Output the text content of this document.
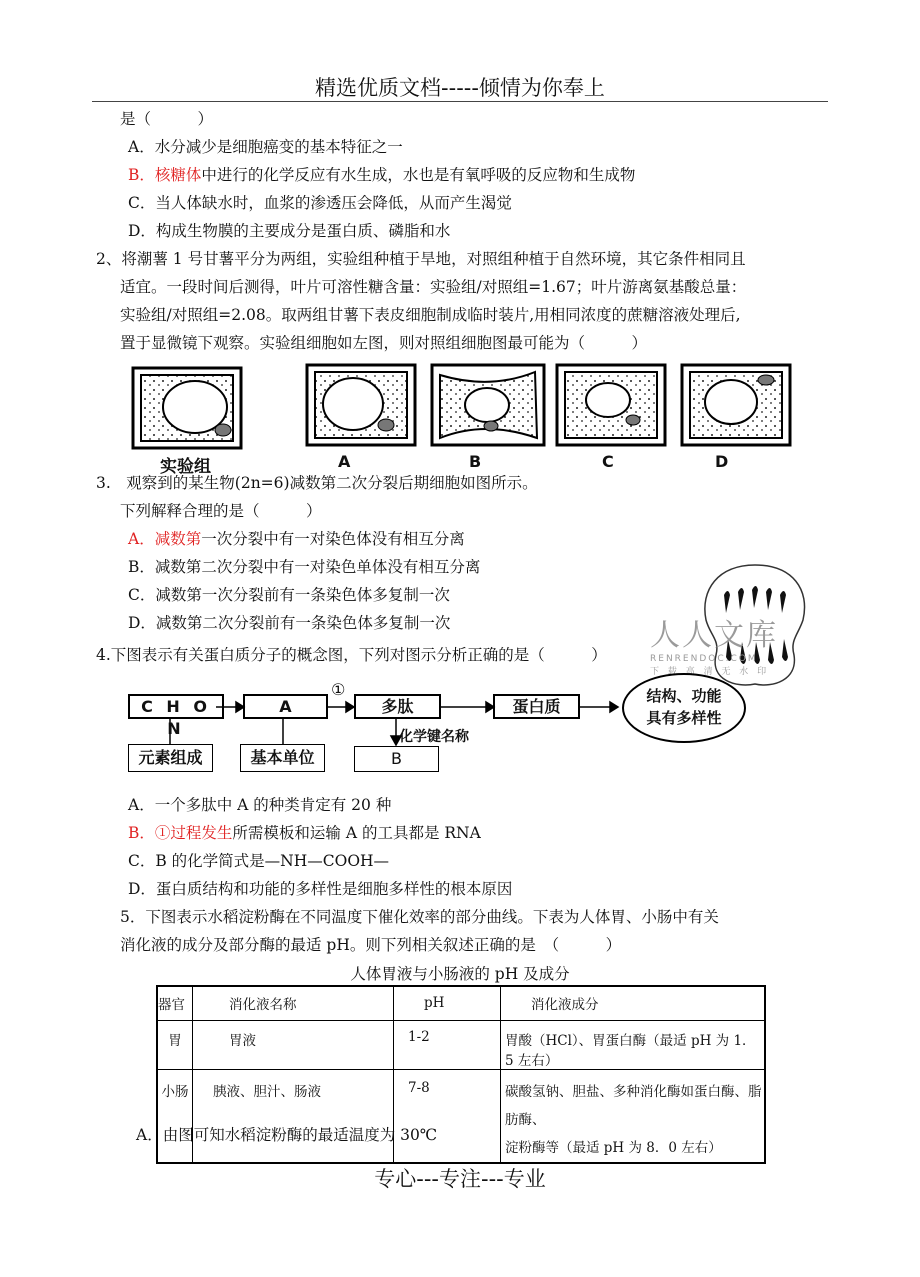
精选优质文档-----倾情为你奉上
是（　　　）
A．水分减少是细胞癌变的基本特征之一
B．核糖体中进行的化学反应有水生成，水也是有氧呼吸的反应物和生成物
C．当人体缺水时，血浆的渗透压会降低，从而产生渴觉
D．构成生物膜的主要成分是蛋白质、磷脂和水
2、将潮薯 1 号甘薯平分为两组，实验组种植于旱地，对照组种植于自然环境，其它条件相同且
适宜。一段时间后测得，叶片可溶性糖含量：实验组/对照组=1.67；叶片游离氨基酸总量：
实验组/对照组=2.08。取两组甘薯下表皮细胞制成临时装片,用相同浓度的蔗糖溶液处理后,
置于显微镜下观察。实验组细胞如左图，则对照组细胞图最可能为（　　　）
实验组	A	B	C	D
3.　观察到的某生物(2n=6)减数第二次分裂后期细胞如图所示。
下列解释合理的是（　　　）
A．减数第一次分裂中有一对染色体没有相互分离
B．减数第二次分裂中有一对染色单体没有相互分离
C．减数第一次分裂前有一条染色体多复制一次
D．减数第二次分裂前有一条染色体多复制一次	人人文库
RENRENDOC.COM
下 载 高 清 无 水 印
4.下图表示有关蛋白质分子的概念图，下列对图示分析正确的是（　　　）
C H O N
A
①
多肽	蛋白质
结构、功能
具有多样性
元素组成	基本单位
化学键名称
B
A．一个多肽中 A 的种类肯定有 20 种
B．①过程发生所需模板和运输 A 的工具都是 RNA
C．B 的化学简式是—NH—COOH—
D．蛋白质结构和功能的多样性是细胞多样性的根本原因
5．下图表示水稻淀粉酶在不同温度下催化效率的部分曲线。下表为人体胃、小肠中有关
消化液的成分及部分酶的最适 pH。则下列相关叙述正确的是　（　　　）
人体胃液与小肠液的 pH 及成分
器官	消化液名称	pH	消化液成分
胃	胃液	1-2	胃酸（HCl）、胃蛋白酶（最适 pH 为 1．5 左右）

小肠	胰液、胆汁、肠液	7-8	碳酸氢钠、胆盐、多种消化酶如蛋白酶、脂肪酶、
淀粉酶等（最适 pH 为 8．0 左右）
A．由图可知水稻淀粉酶的最适温度为 30℃
专心---专注---专业
